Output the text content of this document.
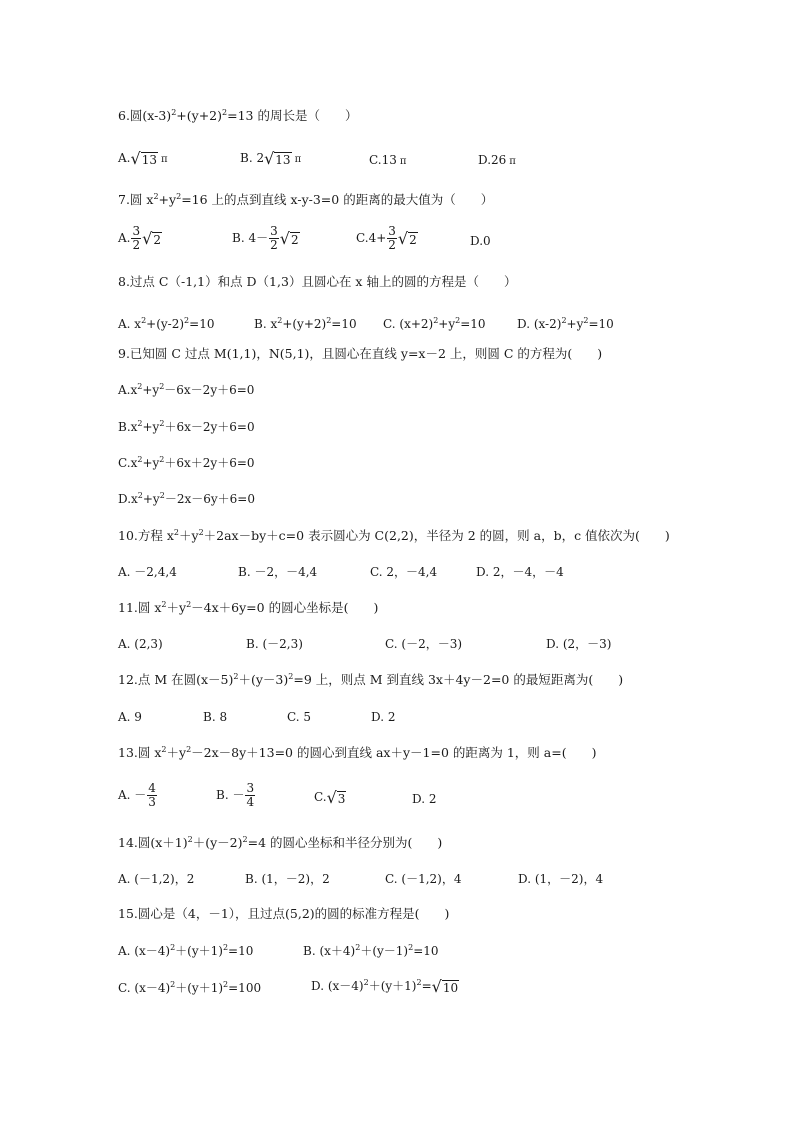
6.圆$(x-3)^2+(y+2)^2=13$ 的周长是（　　）
A. √ 13 π	B. 2 √ 13 π	C.13 π	D.26 π
7.圆 $x^2+y^2=16$ 上的点到直线 x-y-3=0 的距离的最大值为（　　）
A. $\frac{3}{2}$ √ 2	B. $4- \frac{3}{2}$ √ 2	$C.4+ \frac{3}{2}$ √ 2	D.0
8.过点 C（-1,1）和点 D（1,3）且圆心在 x 轴上的圆的方程是（　　）
A. $x^2+(y-2)^2=10$	B. $x^2+(y+2)^2=10$ C. $(x+2)^2+y^2=10$	D. $(x-2)^2+y^2=10$
9.已知圆 C 过点 M(1,1)，N(5,1)，且圆心在直线 y=x－2 上，则圆 C 的方程为(　　)
$A.x^2+y^2-6x-2y+6=0$
$B.x^2+y^2+6x-2y+6=0$
$C.x^2+y^2+6x+2y+6=0$
$D.x^2+y^2-2x-6y+6=0$
10.方程 $x^2+y^2+2ax-by+c=0$ 表示圆心为 C(2,2)，半径为 2 的圆，则 a，b，c 值依次为(　　)
A. －2,4,4	B. －2，－4,4	C. 2，－4,4	D. 2，－4，－4
11.圆 $x^2+y^2-4x+6y=0$ 的圆心坐标是(　　)
A. (2,3)	B. (－2,3)	C. (－2，－3)	D. (2，－3)
12.点 M 在圆$(x-5)^2+(y-3)^2=9$ 上，则点 M 到直线 3x＋4y－2=0 的最短距离为(　　)
A. 9	B. 8	C. 5	D. 2
13.圆 $x^2+y^2-2x-8y+13=0$ 的圆心到直线 ax＋y－1=0 的距离为 1，则 a=(　　)
A. － $\frac{4}{3}$	B. － $\frac{3}{4}$	C. √ 3	D. 2
14.圆$(x+1)^2+(y-2)^2=4$ 的圆心坐标和半径分别为(　　)
A. (－1,2)，2	B. (1，－2)，2	C. (－1,2)，4	D. (1，－2)，4
15.圆心是（4，－1），且过点(5,2)的圆的标准方程是(　　)
A. $(x-4)^2+(y+1)^2=10$	B. $(x+4)^2+(y-1)^2=10$
C. $(x-4)^2+(y+1)^2=100$	D. $(x-4)^2+(y+1)^2=$ √ 10
